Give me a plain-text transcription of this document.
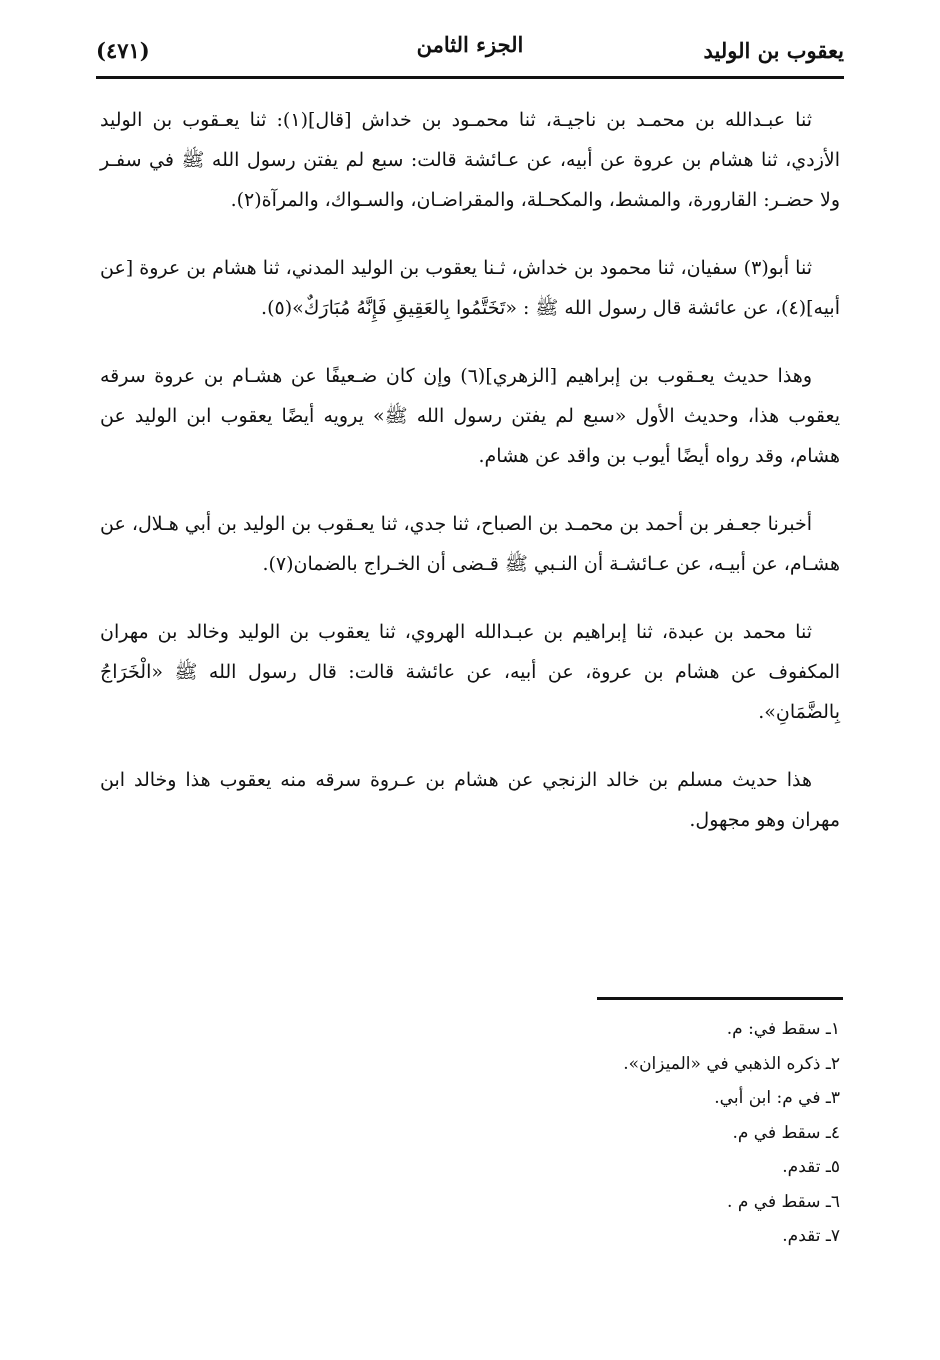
يعقوب بن الوليد
الجزء الثامن
(٤٧١)

ثنا عبـدالله بن محمـد بن ناجيـة، ثنا محمـود بن خداش [قال](١): ثنا يعـقوب بن الوليد الأزدي، ثنا هشام بن عروة عن أبيه، عن عـائشة قالت: سبع لم يفتن رسول الله ﷺ في سفـر ولا حضـر: القارورة، والمشط، والمكحـلة، والمقراضـان، والسـواك، والمرآة(٢).

ثنا أبو(٣) سفيان، ثنا محمود بن خداش، ثـنا يعقوب بن الوليد المدني، ثنا هشام بن عروة [عن أبيه](٤)، عن عائشة قال رسول الله ﷺ : «تَخَتَّمُوا بِالعَقِيقِ فَإِنَّهُ مُبَارَكٌ»(٥).

وهذا حديث يعـقوب بن إبراهيم [الزهري](٦) وإن كان ضـعيفًا عن هشـام بن عروة سرقه يعقوب هذا، وحديث الأول «سبع لم يفتن رسول الله ﷺ» يرويه أيضًا يعقوب ابن الوليد عن هشام، وقد رواه أيضًا أيوب بن واقد عن هشام.

أخبرنا جعـفر بن أحمد بن محمـد بن الصباح، ثنا جدي، ثنا يعـقوب بن الوليد بن أبي هـلال، عن هشـام، عن أبيـه، عن عـائشـة أن النـبي ﷺ قـضى أن الخـراج بالضمان(٧).

ثنا محمد بن عبدة، ثنا إبراهيم بن عبـدالله الهروي، ثنا يعقوب بن الوليد وخالد بن مهران المكفوف عن هشام بن عروة، عن أبيه، عن عائشة قالت: قال رسول الله ﷺ «الْخَرَاجُ بِالضَّمَانِ».

هذا حديث مسلم بن خالد الزنجي عن هشام بن عـروة سرقه منه يعقوب هذا وخالد ابن مهران وهو مجهول.

١ـ سقط في: م.

٢ـ ذكره الذهبي في «الميزان».

٣ـ في م: ابن أبي.

٤ـ سقط في م.

٥ـ تقدم.

٦ـ سقط في م .

٧ـ تقدم.
